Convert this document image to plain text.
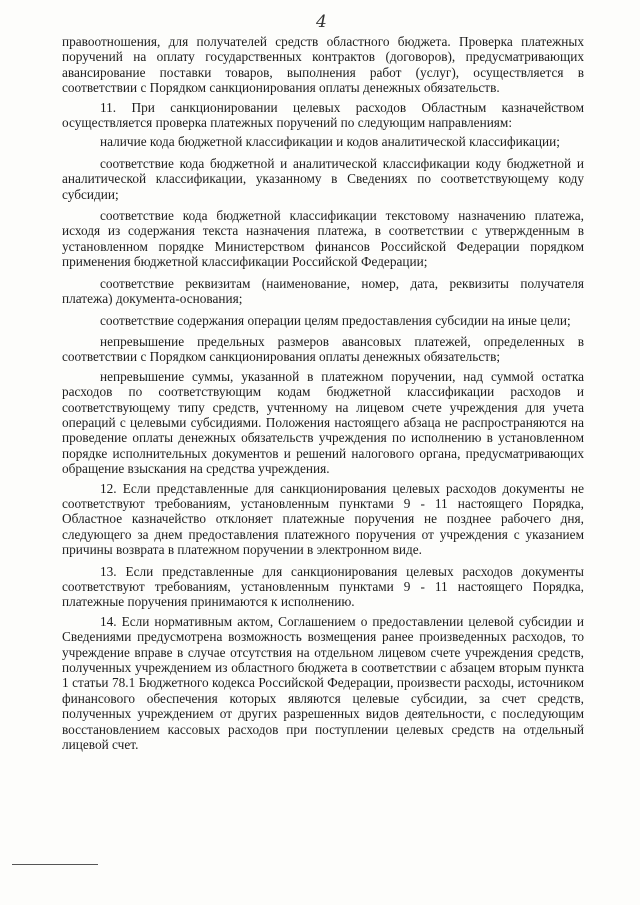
4

правоотношения, для получателей средств областного бюджета. Проверка платежных поручений на оплату государственных контрактов (договоров), предусматривающих авансирование поставки товаров, выполнения работ (услуг), осуществляется в соответствии с Порядком санкционирования оплаты денежных обязательств.

11. При санкционировании целевых расходов Областным казначейством осуществляется проверка платежных поручений по следующим направлениям:

наличие кода бюджетной классификации и кодов аналитической классификации;

соответствие кода бюджетной и аналитической классификации коду бюджетной и аналитической классификации, указанному в Сведениях по соответствующему коду субсидии;

соответствие кода бюджетной классификации текстовому назначению платежа, исходя из содержания текста назначения платежа, в соответствии с утвержденным в установленном порядке Министерством финансов Российской Федерации порядком применения бюджетной классификации Российской Федерации;

соответствие реквизитам (наименование, номер, дата, реквизиты получателя платежа) документа-основания;

соответствие содержания операции целям предоставления субсидии на иные цели;

непревышение предельных размеров авансовых платежей, определенных в соответствии с Порядком санкционирования оплаты денежных обязательств;

непревышение суммы, указанной в платежном поручении, над суммой остатка расходов по соответствующим кодам бюджетной классификации расходов и соответствующему типу средств, учтенному на лицевом счете учреждения для учета операций с целевыми субсидиями. Положения настоящего абзаца не распространяются на проведение оплаты денежных обязательств учреждения по исполнению в установленном порядке исполнительных документов и решений налогового органа, предусматривающих обращение взыскания на средства учреждения.

12. Если представленные для санкционирования целевых расходов документы не соответствуют требованиям, установленным пунктами 9 - 11 настоящего Порядка, Областное казначейство отклоняет платежные поручения не позднее рабочего дня, следующего за днем предоставления платежного поручения от учреждения с указанием причины возврата в платежном поручении в электронном виде.

13. Если представленные для санкционирования целевых расходов документы соответствуют требованиям, установленным пунктами 9 - 11 настоящего Порядка, платежные поручения принимаются к исполнению.

14. Если нормативным актом, Соглашением о предоставлении целевой субсидии и Сведениями предусмотрена возможность возмещения ранее произведенных расходов, то учреждение вправе в случае отсутствия на отдельном лицевом счете учреждения средств, полученных учреждением из областного бюджета в соответствии с абзацем вторым пункта 1 статьи 78.1 Бюджетного кодекса Российской Федерации, произвести расходы, источником финансового обеспечения которых являются целевые субсидии, за счет средств, полученных учреждением от других разрешенных видов деятельности, с последующим восстановлением кассовых расходов при поступлении целевых средств на отдельный лицевой счет.
